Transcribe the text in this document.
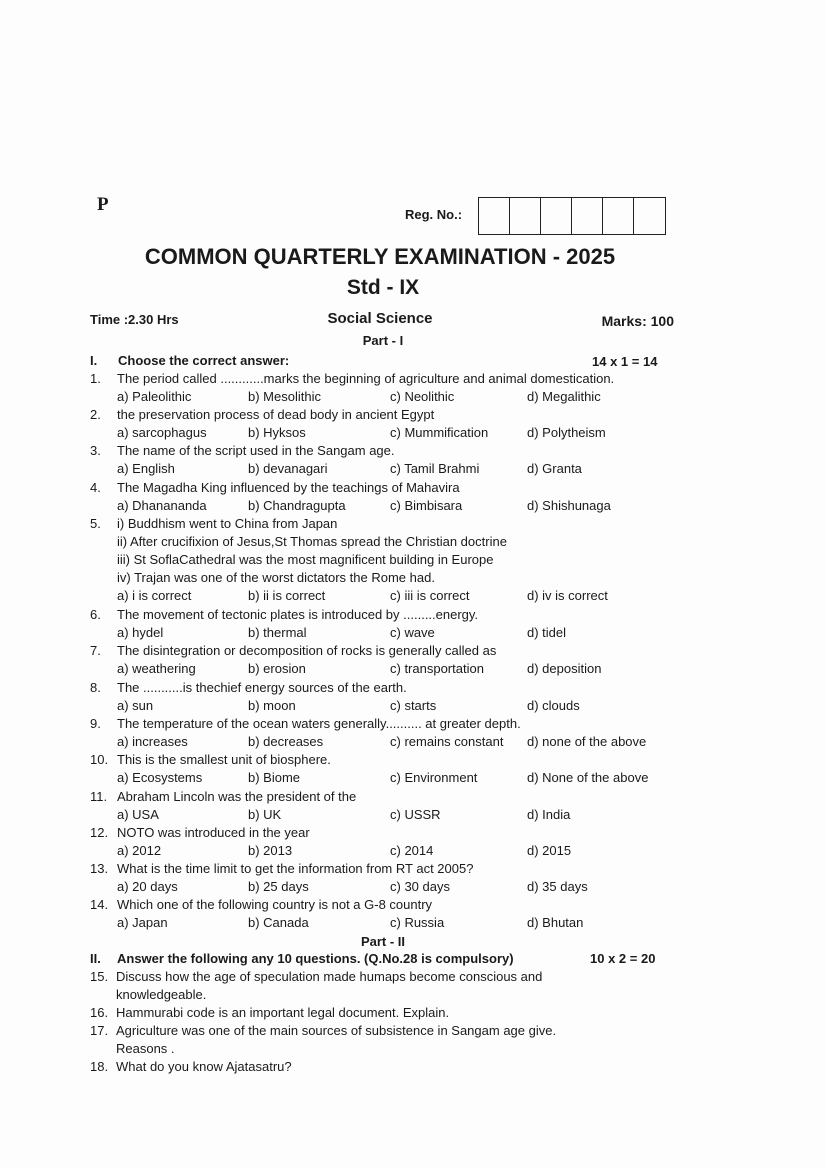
P	Reg. No.:
COMMON QUARTERLY EXAMINATION - 2025
Std - IX
Time :2.30 Hrs	Social Science	Marks: 100
Part - I
I. Choose the correct answer:	14 x 1 = 14
1. The period called ............marks the beginning of agriculture and animal domestication.
a) Paleolithic	b) Mesolithic	c) Neolithic	d) Megalithic
2. the preservation process of dead body in ancient Egypt
a) sarcophagus	b) Hyksos	c) Mummification	d) Polytheism
3. The name of the script used in the Sangam age.
a) English	b) devanagari	c) Tamil Brahmi	d) Granta
4. The Magadha King influenced by the teachings of Mahavira
a) Dhanananda	b) Chandragupta	c) Bimbisara	d) Shishunaga
5. i) Buddhism went to China from Japan
ii) After crucifixion of Jesus,St Thomas spread the Christian doctrine
iii) St SoflaCathedral was the most magnificent building in Europe
iv) Trajan was one of the worst dictators the Rome had.
a) i is correct	b) ii is correct	c) iii is correct	d) iv is correct
6. The movement of tectonic plates is introduced by .........energy.
a) hydel	b) thermal	c) wave	d) tidel
7. The disintegration or decomposition of rocks is generally called as
a) weathering	b) erosion	c) transportation	d) deposition
8. The ...........is thechief energy sources of the earth.
a) sun	b) moon	c) starts	d) clouds
9. The temperature of the ocean waters generally.......... at greater depth.
a) increases	b) decreases	c) remains constant d) none of the above
10. This is the smallest unit of biosphere.
a) Ecosystems	b) Biome	c) Environment	d) None of the above
11. Abraham Lincoln was the president of the
a) USA	b) UK	c) USSR	d) India
12. NOTO was introduced in the year
a) 2012	b) 2013	c) 2014	d) 2015
13. What is the time limit to get the information from RT act 2005?
a) 20 days	b) 25 days	c) 30 days	d) 35 days
14. Which one of the following country is not a G-8 country
a) Japan	b) Canada	c) Russia	d) Bhutan
Part - II
II. Answer the following any 10 questions. (Q.No.28 is compulsory)	10 x 2 = 20
15. Discuss how the age of speculation made humaps become conscious and
knowledgeable.
16. Hammurabi code is an important legal document. Explain.
17. Agriculture was one of the main sources of subsistence in Sangam age give.
Reasons .
18. What do you know Ajatasatru?
